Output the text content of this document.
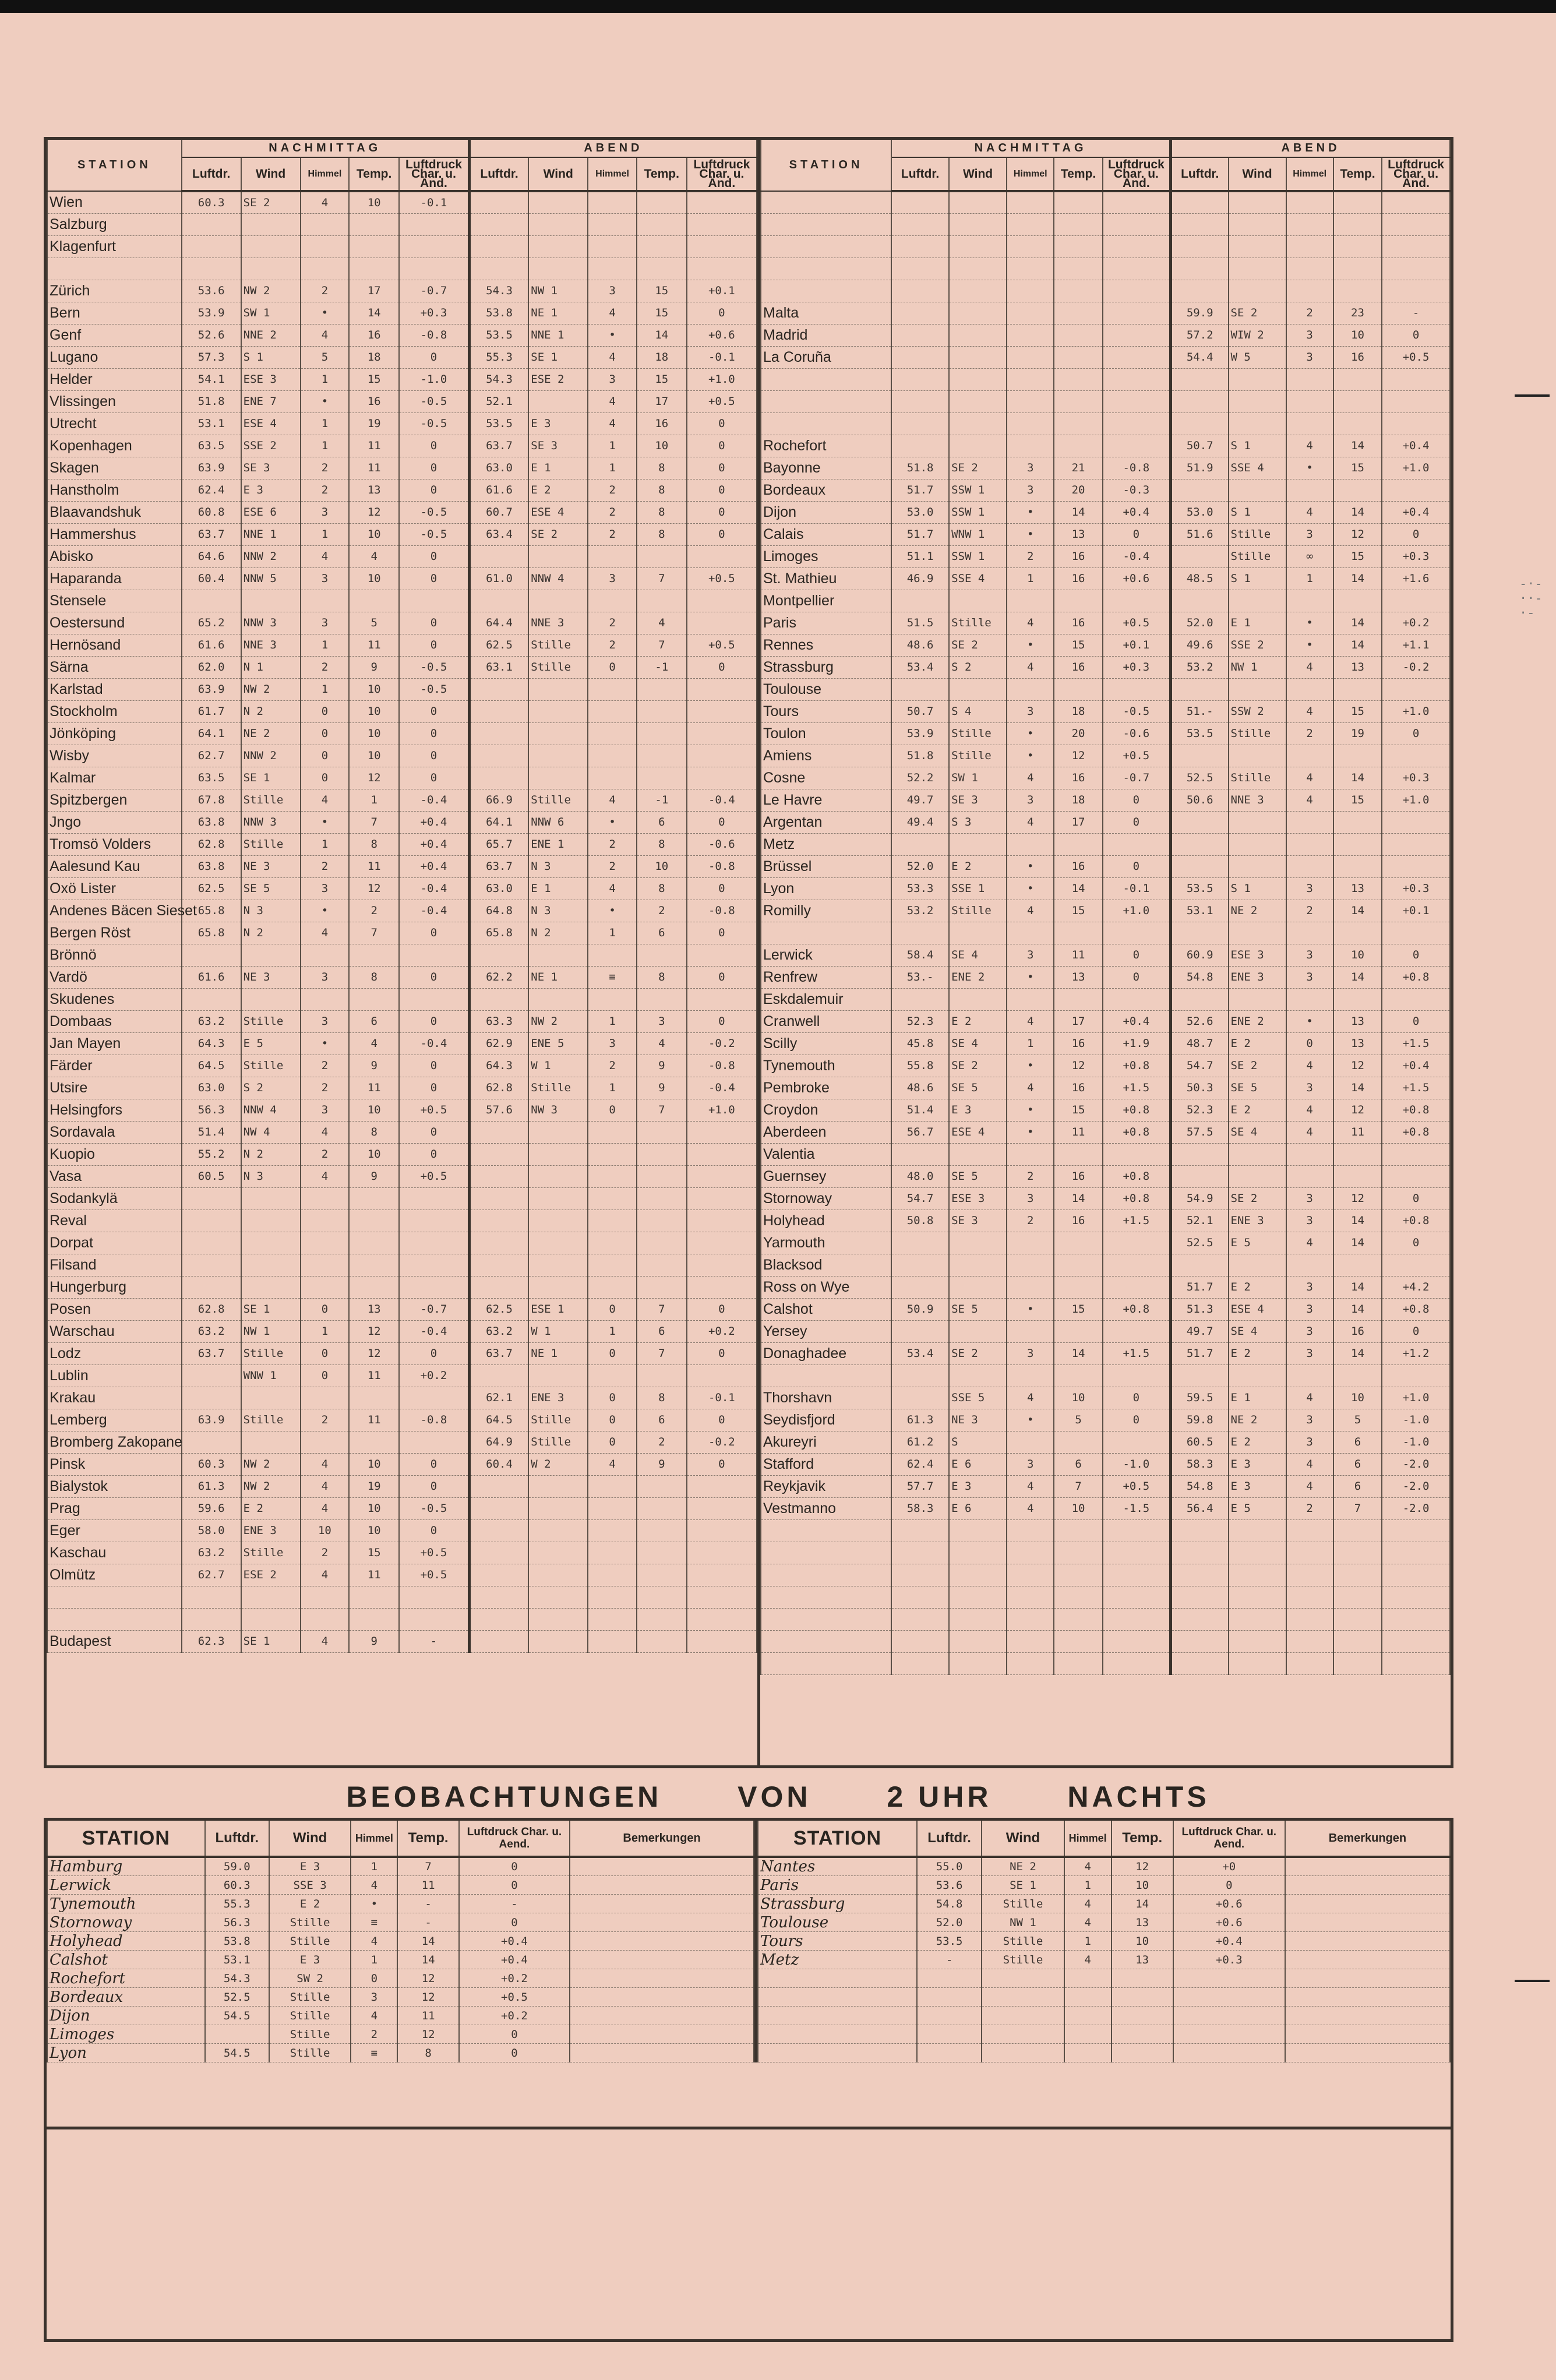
STATION	NACHMITTAG					ABEND				
	Luftdr.	Wind	Himmel	Temp.	Luftdruck Char. u. Änd.	Luftdr.	Wind	Himmel	Temp.	Luftdruck Char. u. Änd.
Wien	60.3	SE 2	4	10	-0.1					
Salzburg										
Klagenfurt										

Zürich	53.6	NW 2	2	17	-0.7	54.3	NW 1	3	15	+0.1
Bern	53.9	SW 1	•	14	+0.3	53.8	NE 1	4	15	0
Genf	52.6	NNE 2	4	16	-0.8	53.5	NNE 1	•	14	+0.6
Lugano	57.3	S 1	5	18	0	55.3	SE 1	4	18	-0.1
Helder	54.1	ESE 3	1	15	-1.0	54.3	ESE 2	3	15	+1.0
Vlissingen	51.8	ENE 7	•	16	-0.5	52.1		4	17	+0.5
Utrecht	53.1	ESE 4	1	19	-0.5	53.5	E 3	4	16	0
Kopenhagen	63.5	SSE 2	1	11	0	63.7	SE 3	1	10	0
Skagen	63.9	SE 3	2	11	0	63.0	E 1	1	8	0
Hanstholm	62.4	E 3	2	13	0	61.6	E 2	2	8	0
Blaavandshuk	60.8	ESE 6	3	12	-0.5	60.7	ESE 4	2	8	0
Hammershus	63.7	NNE 1	1	10	-0.5	63.4	SE 2	2	8	0
Abisko	64.6	NNW 2	4	4	0					
Haparanda	60.4	NNW 5	3	10	0	61.0	NNW 4	3	7	+0.5
Stensele										
Oestersund	65.2	NNW 3	3	5	0	64.4	NNE 3	2	4	
Hernösand	61.6	NNE 3	1	11	0	62.5	Stille	2	7	+0.5
Särna	62.0	N 1	2	9	-0.5	63.1	Stille	0	-1	0
Karlstad	63.9	NW 2	1	10	-0.5					
Stockholm	61.7	N 2	0	10	0					
Jönköping	64.1	NE 2	0	10	0					
Wisby	62.7	NNW 2	0	10	0					
Kalmar	63.5	SE 1	0	12	0					
Spitzbergen	67.8	Stille	4	1	-0.4	66.9	Stille	4	-1	-0.4
Jngo	63.8	NNW 3	•	7	+0.4	64.1	NNW 6	•	6	0
Tromsö Volders	62.8	Stille	1	8	+0.4	65.7	ENE 1	2	8	-0.6
Aalesund Kau	63.8	NE 3	2	11	+0.4	63.7	N 3	2	10	-0.8
Oxö Lister	62.5	SE 5	3	12	-0.4	63.0	E 1	4	8	0
Andenes Bäcen Sieset	65.8	N 3	•	2	-0.4	64.8	N 3	•	2	-0.8
Bergen Röst	65.8	N 2	4	7	0	65.8	N 2	1	6	0
Brönnö										
Vardö	61.6	NE 3	3	8	0	62.2	NE 1	≡	8	0
Skudenes										
Dombaas	63.2	Stille	3	6	0	63.3	NW 2	1	3	0
Jan Mayen	64.3	E 5	•	4	-0.4	62.9	ENE 5	3	4	-0.2
Färder	64.5	Stille	2	9	0	64.3	W 1	2	9	-0.8
Utsire	63.0	S 2	2	11	0	62.8	Stille	1	9	-0.4
Helsingfors	56.3	NNW 4	3	10	+0.5	57.6	NW 3	0	7	+1.0
Sordavala	51.4	NW 4	4	8	0					
Kuopio	55.2	N 2	2	10	0					
Vasa	60.5	N 3	4	9	+0.5					
Sodankylä										
Reval										
Dorpat										
Filsand										
Hungerburg										
Posen	62.8	SE 1	0	13	-0.7	62.5	ESE 1	0	7	0
Warschau	63.2	NW 1	1	12	-0.4	63.2	W 1	1	6	+0.2
Lodz	63.7	Stille	0	12	0	63.7	NE 1	0	7	0
Lublin		WNW 1	0	11	+0.2					
Krakau						62.1	ENE 3	0	8	-0.1
Lemberg	63.9	Stille	2	11	-0.8	64.5	Stille	0	6	0
Bromberg Zakopane						64.9	Stille	0	2	-0.2
Pinsk	60.3	NW 2	4	10	0	60.4	W 2	4	9	0
Bialystok	61.3	NW 2	4	19	0					
Prag	59.6	E 2	4	10	-0.5					
Eger	58.0	ENE 3	10	10	0					
Kaschau	63.2	Stille	2	15	+0.5					
Olmütz	62.7	ESE 2	4	11	+0.5					

Budapest	62.3	SE 1	4	9	-					
STATION	NACHMITTAG					ABEND				
	Luftdr.	Wind	Himmel	Temp.	Luftdruck Char. u. Änd.	Luftdr.	Wind	Himmel	Temp.	Luftdruck Char. u. Änd.

Malta						59.9	SE 2	2	23	-
Madrid						57.2	WIW 2	3	10	0
La Coruña						54.4	W 5	3	16	+0.5

Rochefort						50.7	S 1	4	14	+0.4
Bayonne	51.8	SE 2	3	21	-0.8	51.9	SSE 4	•	15	+1.0
Bordeaux	51.7	SSW 1	3	20	-0.3					
Dijon	53.0	SSW 1	•	14	+0.4	53.0	S 1	4	14	+0.4
Calais	51.7	WNW 1	•	13	0	51.6	Stille	3	12	0
Limoges	51.1	SSW 1	2	16	-0.4		Stille	∞	15	+0.3
St. Mathieu	46.9	SSE 4	1	16	+0.6	48.5	S 1	1	14	+1.6
Montpellier										
Paris	51.5	Stille	4	16	+0.5	52.0	E 1	•	14	+0.2
Rennes	48.6	SE 2	•	15	+0.1	49.6	SSE 2	•	14	+1.1
Strassburg	53.4	S 2	4	16	+0.3	53.2	NW 1	4	13	-0.2
Toulouse										
Tours	50.7	S 4	3	18	-0.5	51.-	SSW 2	4	15	+1.0
Toulon	53.9	Stille	•	20	-0.6	53.5	Stille	2	19	0
Amiens	51.8	Stille	•	12	+0.5					
Cosne	52.2	SW 1	4	16	-0.7	52.5	Stille	4	14	+0.3
Le Havre	49.7	SE 3	3	18	0	50.6	NNE 3	4	15	+1.0
Argentan	49.4	S 3	4	17	0					
Metz										
Brüssel	52.0	E 2	•	16	0					
Lyon	53.3	SSE 1	•	14	-0.1	53.5	S 1	3	13	+0.3
Romilly	53.2	Stille	4	15	+1.0	53.1	NE 2	2	14	+0.1

Lerwick	58.4	SE 4	3	11	0	60.9	ESE 3	3	10	0
Renfrew	53.-	ENE 2	•	13	0	54.8	ENE 3	3	14	+0.8
Eskdalemuir										
Cranwell	52.3	E 2	4	17	+0.4	52.6	ENE 2	•	13	0
Scilly	45.8	SE 4	1	16	+1.9	48.7	E 2	0	13	+1.5
Tynemouth	55.8	SE 2	•	12	+0.8	54.7	SE 2	4	12	+0.4
Pembroke	48.6	SE 5	4	16	+1.5	50.3	SE 5	3	14	+1.5
Croydon	51.4	E 3	•	15	+0.8	52.3	E 2	4	12	+0.8
Aberdeen	56.7	ESE 4	•	11	+0.8	57.5	SE 4	4	11	+0.8
Valentia										
Guernsey	48.0	SE 5	2	16	+0.8					
Stornoway	54.7	ESE 3	3	14	+0.8	54.9	SE 2	3	12	0
Holyhead	50.8	SE 3	2	16	+1.5	52.1	ENE 3	3	14	+0.8
Yarmouth						52.5	E 5	4	14	0
Blacksod										
Ross on Wye						51.7	E 2	3	14	+4.2
Calshot	50.9	SE 5	•	15	+0.8	51.3	ESE 4	3	14	+0.8
Yersey						49.7	SE 4	3	16	0
Donaghadee	53.4	SE 2	3	14	+1.5	51.7	E 2	3	14	+1.2

Thorshavn		SSE 5	4	10	0	59.5	E 1	4	10	+1.0
Seydisfjord	61.3	NE 3	•	5	0	59.8	NE 2	3	5	-1.0
Akureyri	61.2	S				60.5	E 2	3	6	-1.0
Stafford	62.4	E 6	3	6	-1.0	58.3	E 3	4	6	-2.0
Reykjavik	57.7	E 3	4	7	+0.5	54.8	E 3	4	6	-2.0
Vestmanno	58.3	E 6	4	10	-1.5	56.4	E 5	2	7	-2.0

BEOBACHTUNGEN	VON	2 UHR	NACHTS
STATION	Luftdr.	Wind	Himmel	Temp.	Luftdruck Char. u. Aend.	Bemerkungen
Hamburg	59.0	E 3	1	7	0	
Lerwick	60.3	SSE 3	4	11	0	
Tynemouth	55.3	E 2	•	-	-	
Stornoway	56.3	Stille	≡	-	0	
Holyhead	53.8	Stille	4	14	+0.4	
Calshot	53.1	E 3	1	14	+0.4	
Rochefort	54.3	SW 2	0	12	+0.2	
Bordeaux	52.5	Stille	3	12	+0.5	
Dijon	54.5	Stille	4	11	+0.2	
Limoges		Stille	2	12	0	
Lyon	54.5	Stille	≡	8	0	
STATION	Luftdr.	Wind	Himmel	Temp.	Luftdruck Char. u. Aend.	Bemerkungen
Nantes	55.0	NE 2	4	12	+0	
Paris	53.6	SE 1	1	10	0	
Strassburg	54.8	Stille	4	14	+0.6	
Toulouse	52.0	NW 1	4	13	+0.6	
Tours	53.5	Stille	1	10	+0.4	
Metz	-	Stille	4	13	+0.3	

-·-··-·-
